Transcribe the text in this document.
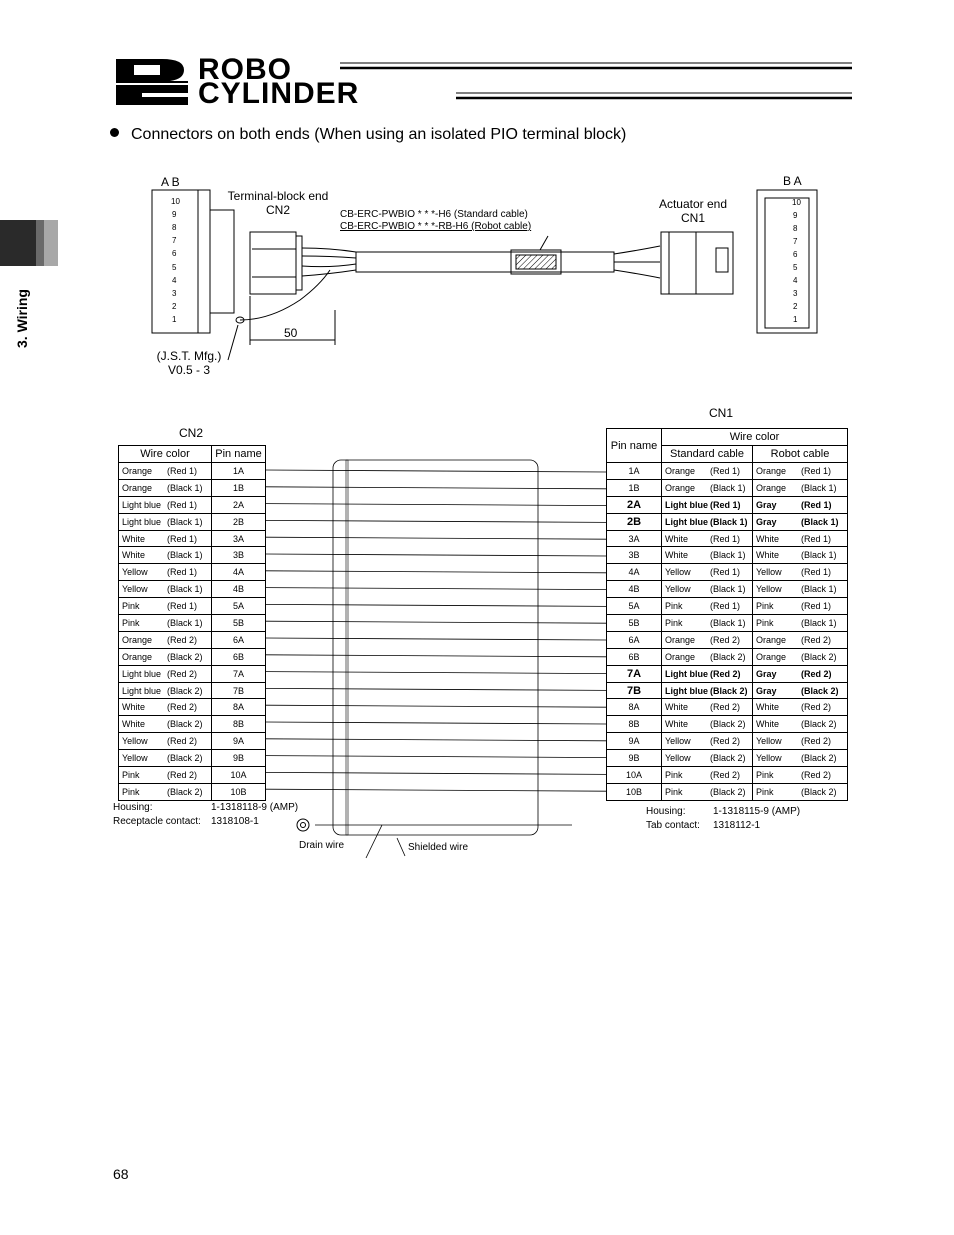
ROBO
CYLINDER
3. Wiring
Connectors on both ends (When using an isolated PIO terminal block)
A B	B A
Terminal-block end
CN2	Actuator end
CN1
CB-ERC-PWBIO * * *-H6 (Standard cable)
CB-ERC-PWBIO * * *-RB-H6 (Robot cable)
10
9
8
7
6
5
4
3
2
1
10
9
8
7
6
5
4
3
2
1
50
(J.S.T. Mfg.)
V0.5 - 3
CN2
Wire color	Pin name
Orange (Red 1)	1A
Orange (Black 1)	1B
Light blue (Red 1)	2A
Light blue (Black 1)	2B
White (Red 1)	3A
White (Black 1)	3B
Yellow (Red 1)	4A
Yellow (Black 1)	4B
Pink (Red 1)	5A
Pink (Black 1)	5B
Orange (Red 2)	6A
Orange (Black 2)	6B
Light blue (Red 2)	7A
Light blue (Black 2)	7B
White (Red 2)	8A
White (Black 2)	8B
Yellow (Red 2)	9A
Yellow (Black 2)	9B
Pink (Red 2)	10A
Pink (Black 2)	10B
Housing:	1-1318118-9 (AMP)
Receptacle contact: 1318108-1
CN1
Pin name	Wire color	
	Standard cable	Robot cable
1A	Orange (Red 1)	Orange (Red 1)
1B	Orange (Black 1)	Orange (Black 1)
2A	Light blue (Red 1)	Gray (Red 1)
2B	Light blue (Black 1)	Gray (Black 1)
3A	White (Red 1)	White (Red 1)
3B	White (Black 1)	White (Black 1)
4A	Yellow (Red 1)	Yellow (Red 1)
4B	Yellow (Black 1)	Yellow (Black 1)
5A	Pink (Red 1)	Pink (Red 1)
5B	Pink (Black 1)	Pink (Black 1)
6A	Orange (Red 2)	Orange (Red 2)
6B	Orange (Black 2)	Orange (Black 2)
7A	Light blue (Red 2)	Gray (Red 2)
7B	Light blue (Black 2)	Gray (Black 2)
8A	White (Red 2)	White (Red 2)
8B	White (Black 2)	White (Black 2)
9A	Yellow (Red 2)	Yellow (Red 2)
9B	Yellow (Black 2)	Yellow (Black 2)
10A	Pink (Red 2)	Pink (Red 2)
10B	Pink (Black 2)	Pink (Black 2)
Housing:	1-1318115-9 (AMP)
Tab contact: 1318112-1
Drain wire	Shielded wire
68
